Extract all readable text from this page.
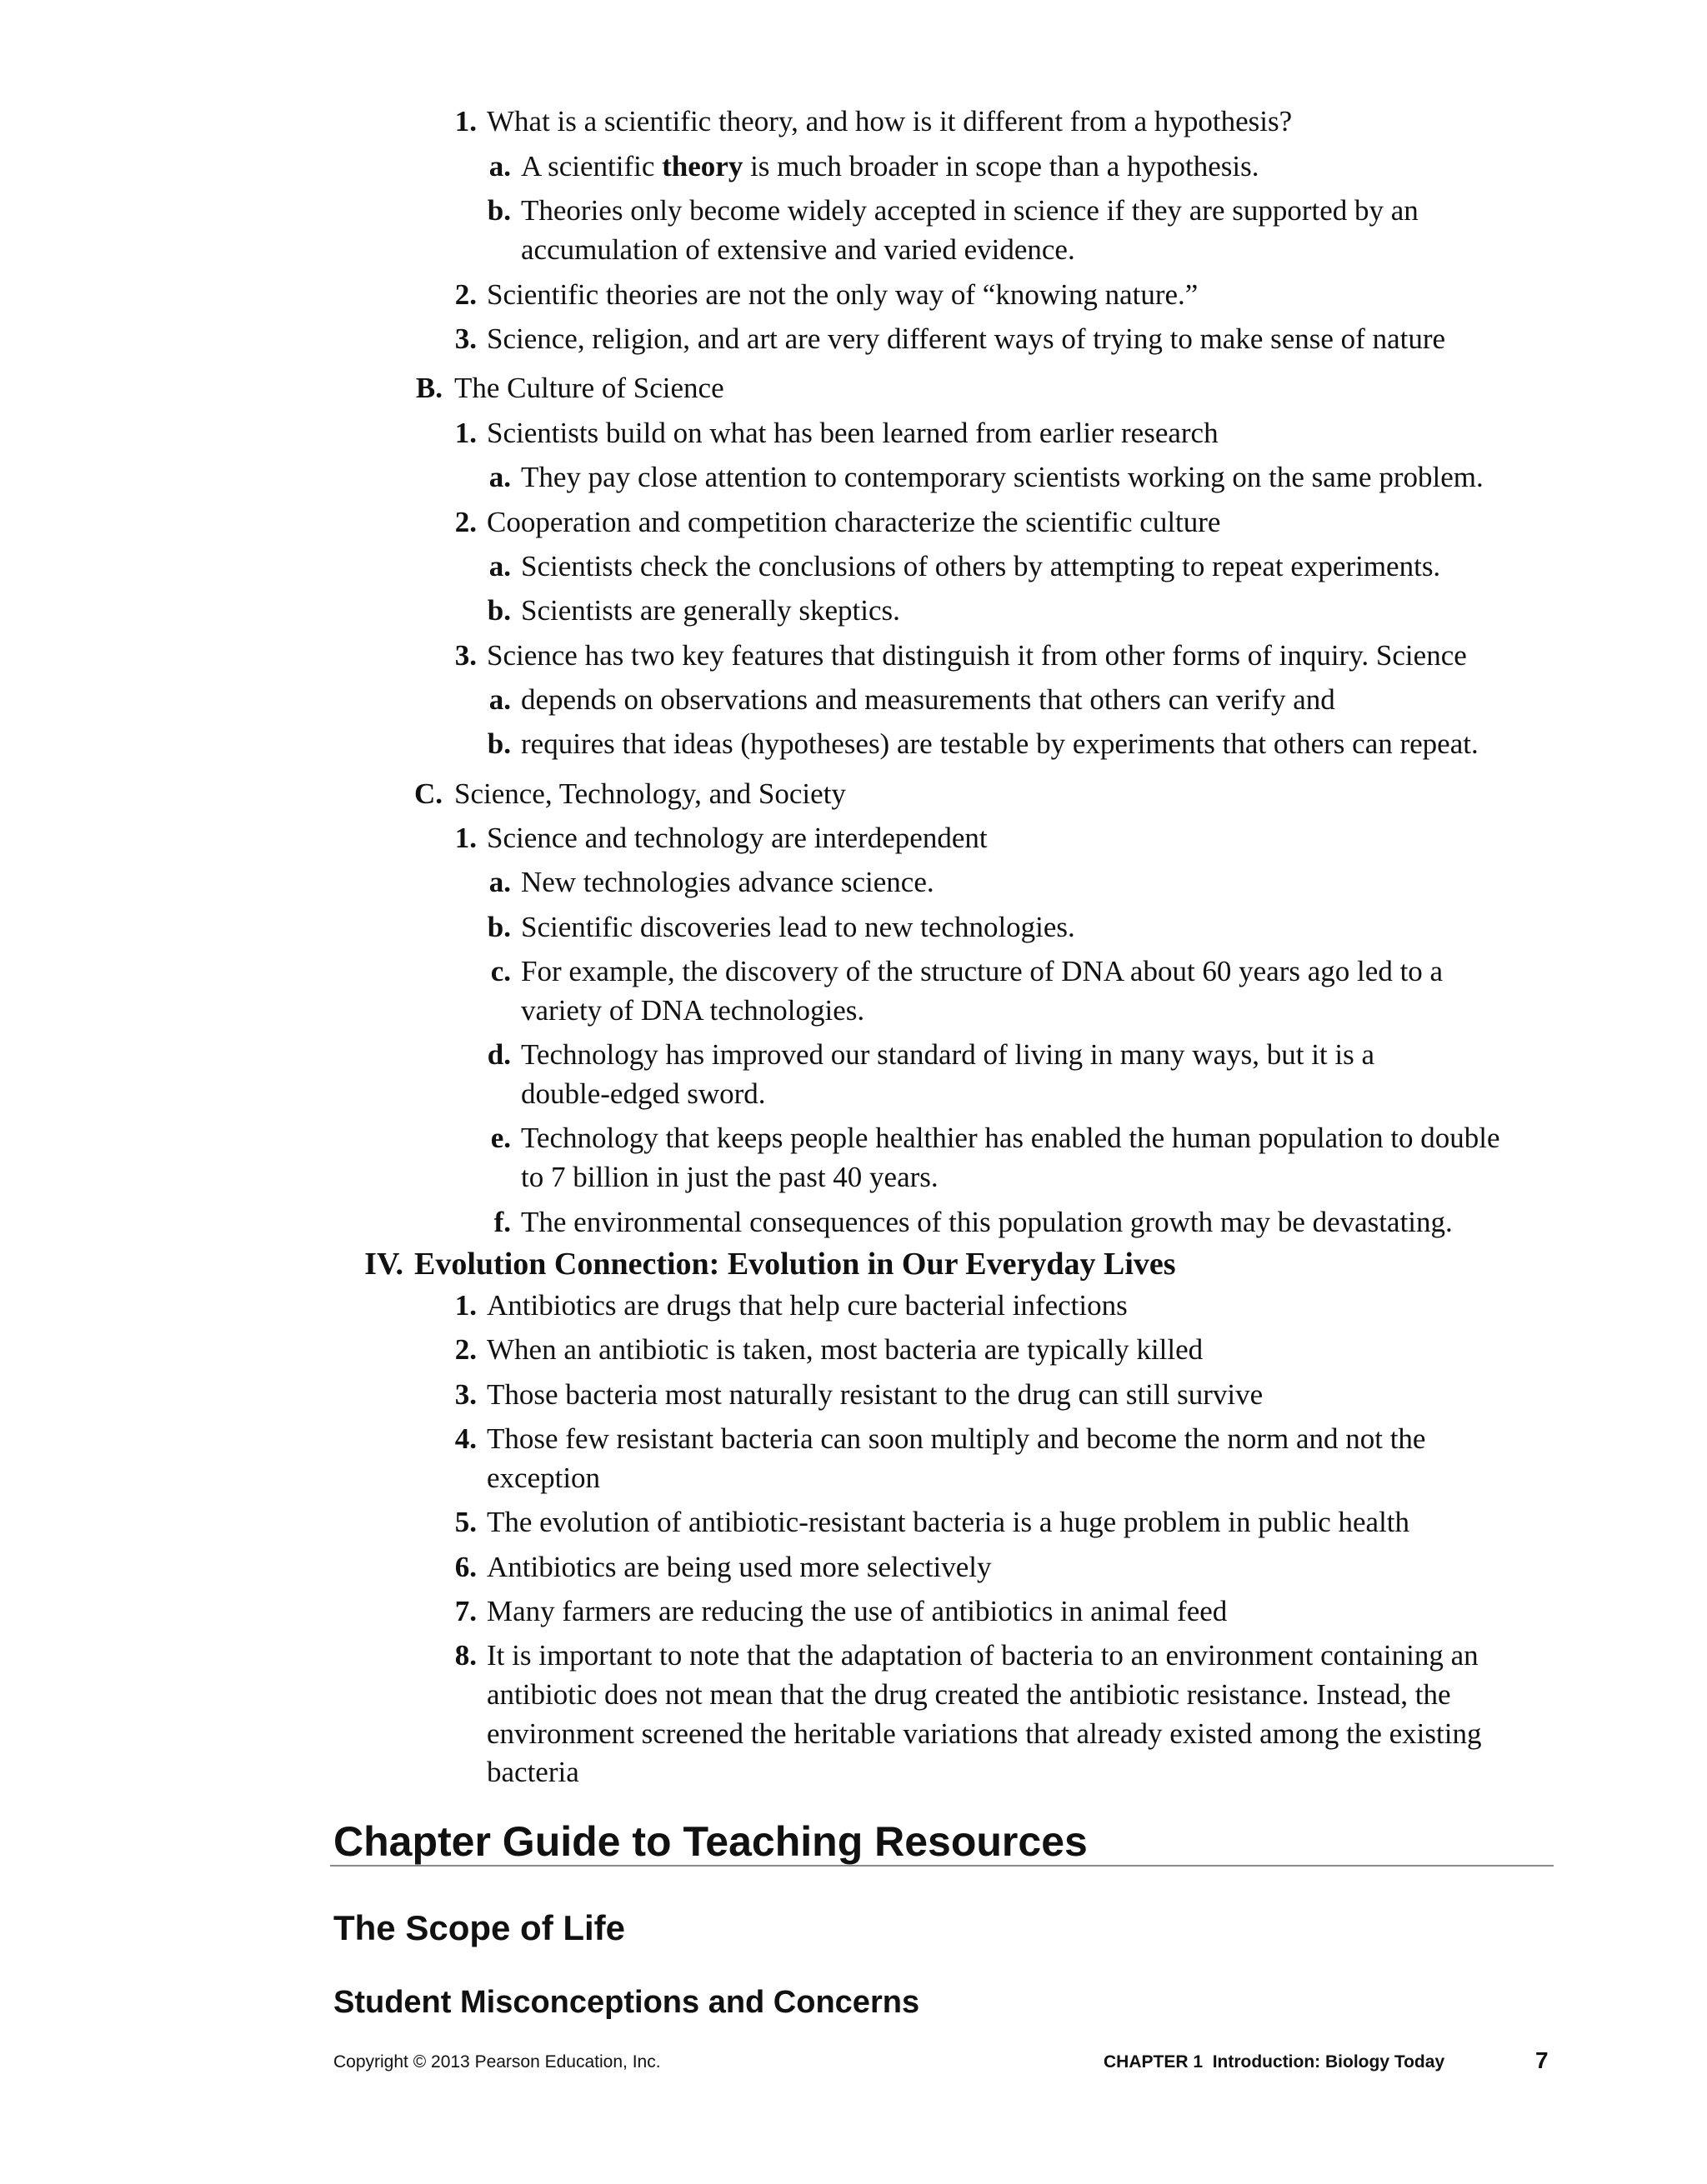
1. What is a scientific theory, and how is it different from a hypothesis?
a. A scientific theory is much broader in scope than a hypothesis.
b. Theories only become widely accepted in science if they are supported by an
accumulation of extensive and varied evidence.
2. Scientific theories are not the only way of “knowing nature.”
3. Science, religion, and art are very different ways of trying to make sense of nature
B. The Culture of Science
1. Scientists build on what has been learned from earlier research
a. They pay close attention to contemporary scientists working on the same problem.
2. Cooperation and competition characterize the scientific culture
a. Scientists check the conclusions of others by attempting to repeat experiments.
b. Scientists are generally skeptics.
3. Science has two key features that distinguish it from other forms of inquiry. Science
a. depends on observations and measurements that others can verify and
b. requires that ideas (hypotheses) are testable by experiments that others can repeat.
C. Science, Technology, and Society
1. Science and technology are interdependent
a. New technologies advance science.
b. Scientific discoveries lead to new technologies.
c. For example, the discovery of the structure of DNA about 60 years ago led to a
variety of DNA technologies.
d. Technology has improved our standard of living in many ways, but it is a
double-edged sword.
e. Technology that keeps people healthier has enabled the human population to double
to 7 billion in just the past 40 years.
f. The environmental consequences of this population growth may be devastating.
IV. Evolution Connection: Evolution in Our Everyday Lives
1. Antibiotics are drugs that help cure bacterial infections
2. When an antibiotic is taken, most bacteria are typically killed
3. Those bacteria most naturally resistant to the drug can still survive
4. Those few resistant bacteria can soon multiply and become the norm and not the
exception
5. The evolution of antibiotic-resistant bacteria is a huge problem in public health
6. Antibiotics are being used more selectively
7. Many farmers are reducing the use of antibiotics in animal feed
8. It is important to note that the adaptation of bacteria to an environment containing an
antibiotic does not mean that the drug created the antibiotic resistance. Instead, the
environment screened the heritable variations that already existed among the existing
bacteria
Chapter Guide to Teaching Resources
The Scope of Life
Student Misconceptions and Concerns
Copyright © 2013 Pearson Education, Inc.	CHAPTER 1 Introduction: Biology Today	7
